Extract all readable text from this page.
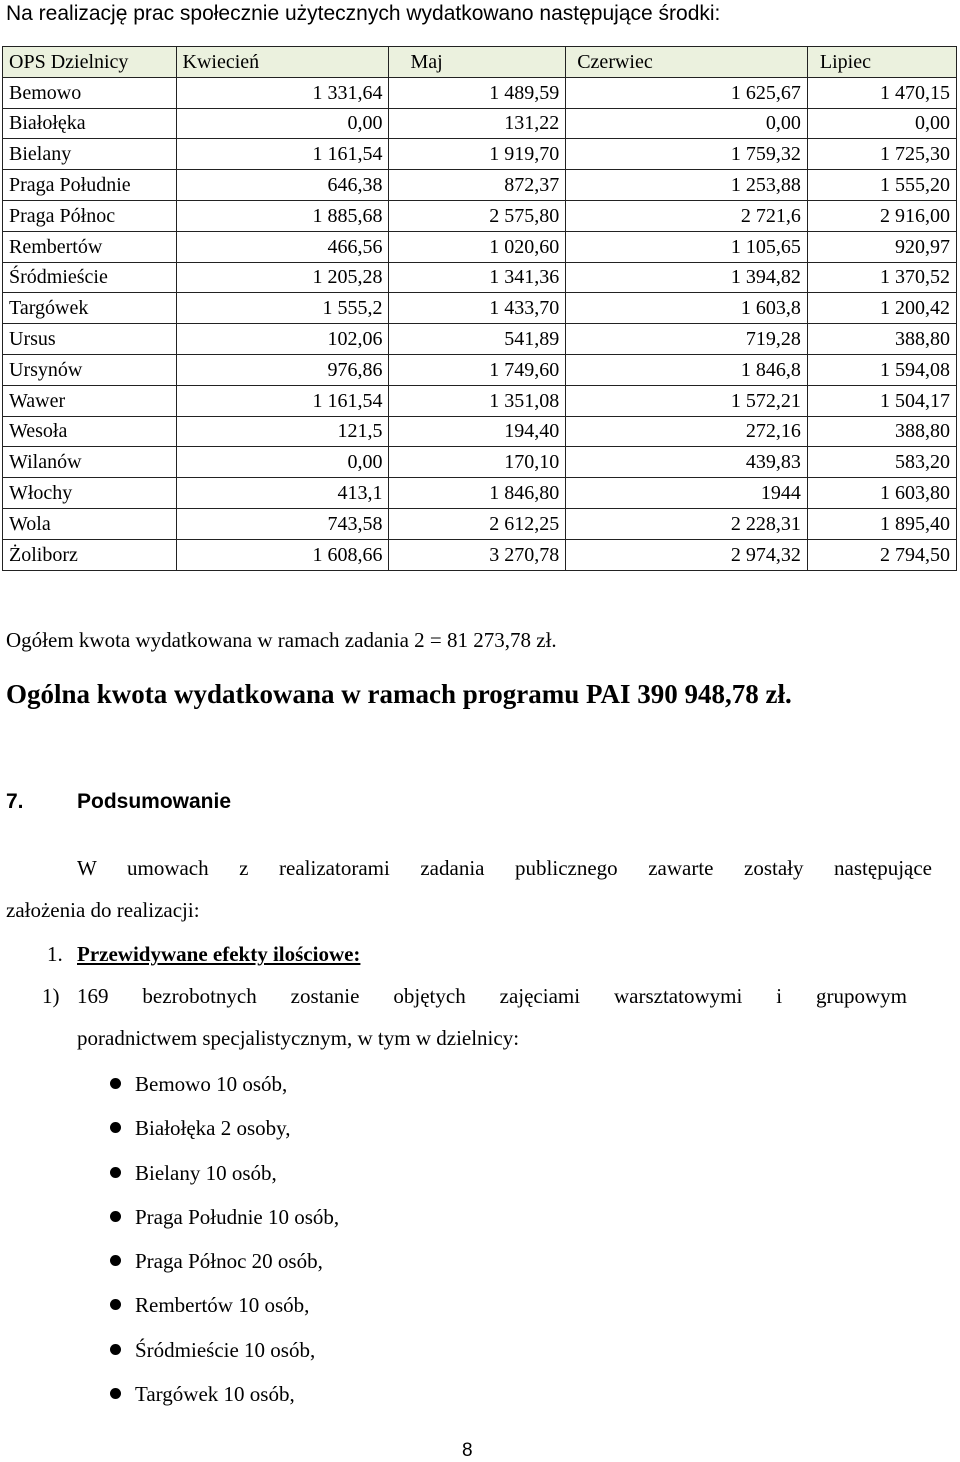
Na realizację prac społecznie użytecznych wydatkowano następujące środki:
OPS Dzielnicy	Kwiecień	Maj	Czerwiec	Lipiec
Bemowo	1 331,64	1 489,59	1 625,67	1 470,15
Białołęka	0,00	131,22	0,00	0,00
Bielany	1 161,54	1 919,70	1 759,32	1 725,30
Praga Południe	646,38	872,37	1 253,88	1 555,20
Praga Północ	1 885,68	2 575,80	2 721,6	2 916,00
Rembertów	466,56	1 020,60	1 105,65	920,97
Śródmieście	1 205,28	1 341,36	1 394,82	1 370,52
Targówek	1 555,2	1 433,70	1 603,8	1 200,42
Ursus	102,06	541,89	719,28	388,80
Ursynów	976,86	1 749,60	1 846,8	1 594,08
Wawer	1 161,54	1 351,08	1 572,21	1 504,17
Wesoła	121,5	194,40	272,16	388,80
Wilanów	0,00	170,10	439,83	583,20
Włochy	413,1	1 846,80	1944	1 603,80
Wola	743,58	2 612,25	2 228,31	1 895,40
Żoliborz	1 608,66	3 270,78	2 974,32	2 794,50
Ogółem kwota wydatkowana w ramach zadania 2 = 81 273,78 zł.
Ogólna kwota wydatkowana w ramach programu PAI 390 948,78 zł.
7.	Podsumowanie
W umowach z realizatorami zadania publicznego zawarte zostały następujące
założenia do realizacji:
1. Przewidywane efekty ilościowe:
1) 169 bezrobotnych zostanie objętych zajęciami warsztatowymi i grupowym
poradnictwem specjalistycznym, w tym w dzielnicy:
Bemowo 10 osób,
Białołęka 2 osoby,
Bielany 10 osób,
Praga Południe 10 osób,
Praga Północ 20 osób,
Rembertów 10 osób,
Śródmieście 10 osób,
Targówek 10 osób,
8
